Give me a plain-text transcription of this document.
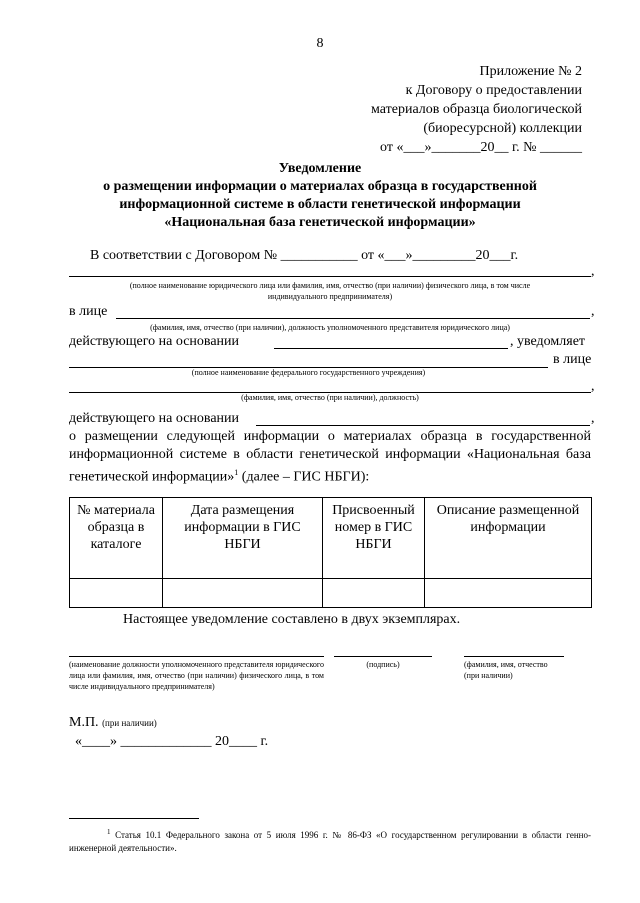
8
Приложение № 2
к Договору о предоставлении
материалов образца биологической
(биоресурсной) коллекции
от «___»_______20__ г. № ______
Уведомление
о размещении информации о материалах образца в государственной
информационной системе в области генетической информации
«Национальная база генетической информации»
В соответствии с Договором № ___________ от «___»_________20___г.
,
(полное наименование юридического лица или фамилия, имя, отчество (при наличии) физического лица, в том числе
индивидуального предпринимателя)
в лице	,
(фамилия, имя, отчество (при наличии), должность уполномоченного представителя юридического лица)
действующего на основании	, уведомляет
в лице
(полное наименование федерального государственного учреждения)
,
(фамилия, имя, отчество (при наличии), должность)
действующего на основании	,
о размещении следующей информации о материалах образца в государственной информационной системе в области генетической информации «Национальная база генетической информации»$^1$ (далее – ГИС НБГИ):
№ материала образца в каталоге	Дата размещения информации в ГИС НБГИ	Присвоенный номер в ГИС НБГИ	Описание размещенной информации

Настоящее уведомление составлено в двух экземплярах.
(наименование должности уполномоченного представителя юридического лица или фамилия, имя, отчество (при наличии) физического лица, в том числе индивидуального предпринимателя)
(подпись)	(фамилия, имя, отчество (при наличии)
М.П. (при наличии)
«____» _____________ 20____ г.
$^1$ Статья 10.1 Федерального закона от 5 июля 1996 г. № 86-ФЗ «О государственном регулировании в области генно-инженерной деятельности».
